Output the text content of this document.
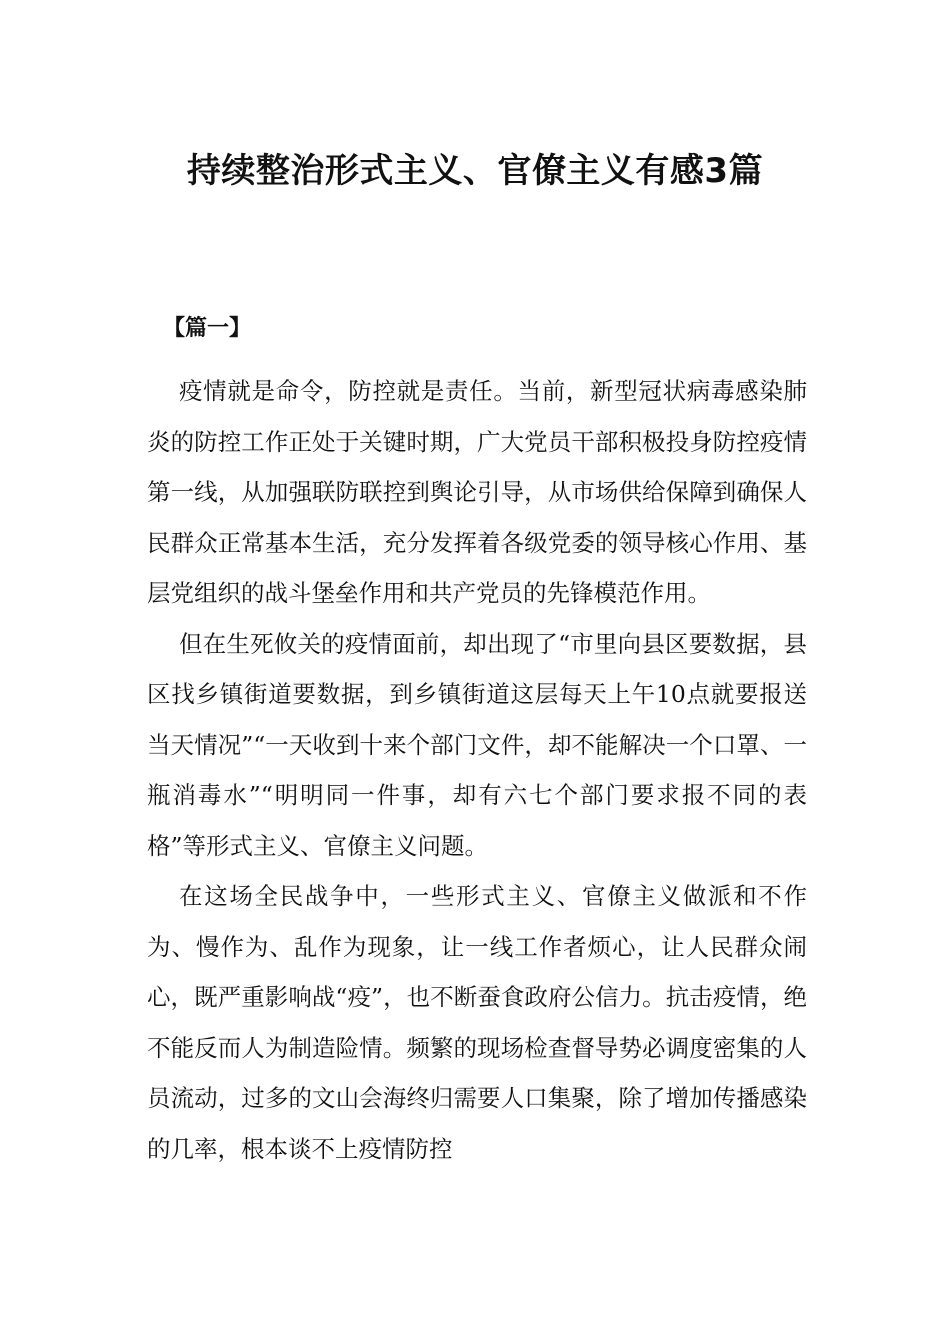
持续整治形式主义、官僚主义有感3篇
【篇一】

疫情就是命令，防控就是责任。当前，新型冠状病毒感染肺炎的防控工作正处于关键时期，广大党员干部积极投身防控疫情第一线，从加强联防联控到舆论引导，从市场供给保障到确保人民群众正常基本生活，充分发挥着各级党委的领导核心作用、基层党组织的战斗堡垒作用和共产党员的先锋模范作用。

但在生死攸关的疫情面前，却出现了“市里向县区要数据，县区找乡镇街道要数据，到乡镇街道这层每天上午10点就要报送当天情况”“一天收到十来个部门文件，却不能解决一个口罩、一瓶消毒水”“明明同一件事，却有六七个部门要求报不同的表格”等形式主义、官僚主义问题。

在这场全民战争中，一些形式主义、官僚主义做派和不作为、慢作为、乱作为现象，让一线工作者烦心，让人民群众闹心，既严重影响战“疫”，也不断蚕食政府公信力。抗击疫情，绝不能反而人为制造险情。频繁的现场检查督导势必调度密集的人员流动，过多的文山会海终归需要人口集聚，除了增加传播感染的几率，根本谈不上疫情防控
